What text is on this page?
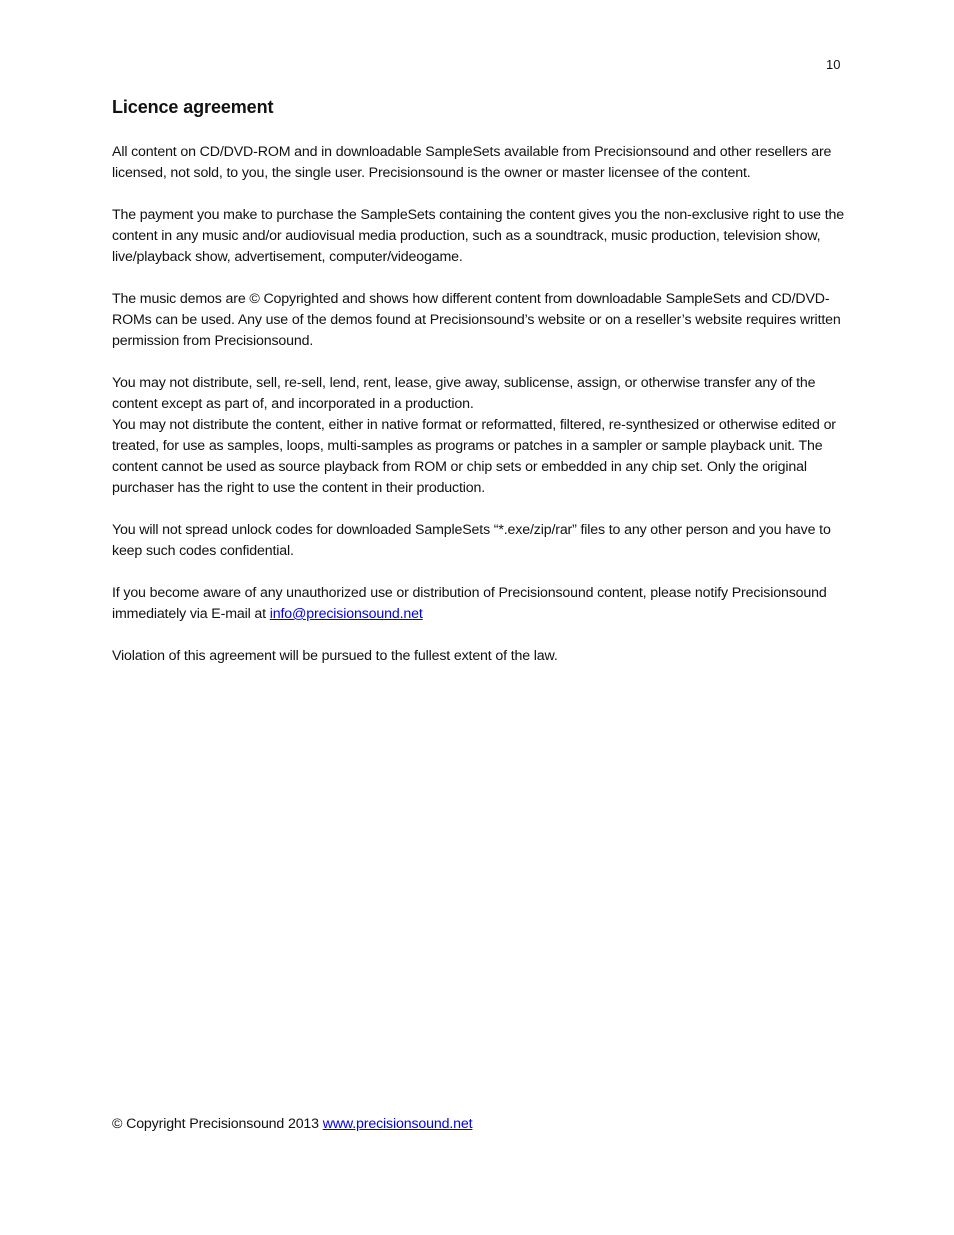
10
Licence agreement

All content on CD/DVD-ROM and in downloadable SampleSets available from Precisionsound and other resellers are licensed, not sold, to you, the single user. Precisionsound is the owner or master licensee of the content.

The payment you make to purchase the SampleSets containing the content gives you the non-exclusive right to use the content in any music and/or audiovisual media production, such as a soundtrack, music production, television show, live/playback show, advertisement, computer/videogame.

The music demos are © Copyrighted and shows how different content from downloadable SampleSets and CD/DVD-ROMs can be used. Any use of the demos found at Precisionsound’s website or on a reseller’s website requires written permission from Precisionsound.

You may not distribute, sell, re-sell, lend, rent, lease, give away, sublicense, assign, or otherwise transfer any of the content except as part of, and incorporated in a production.

You may not distribute the content, either in native format or reformatted, filtered, re-synthesized or otherwise edited or treated, for use as samples, loops, multi-samples as programs or patches in a sampler or sample playback unit. The content cannot be used as source playback from ROM or chip sets or embedded in any chip set. Only the original purchaser has the right to use the content in their production.

You will not spread unlock codes for downloaded SampleSets “*.exe/zip/rar” files to any other person and you have to keep such codes confidential.

If you become aware of any unauthorized use or distribution of Precisionsound content, please notify Precisionsound immediately via E-mail at info@precisionsound.net

Violation of this agreement will be pursued to the fullest extent of the law.

© Copyright Precisionsound 2013 www.precisionsound.net
